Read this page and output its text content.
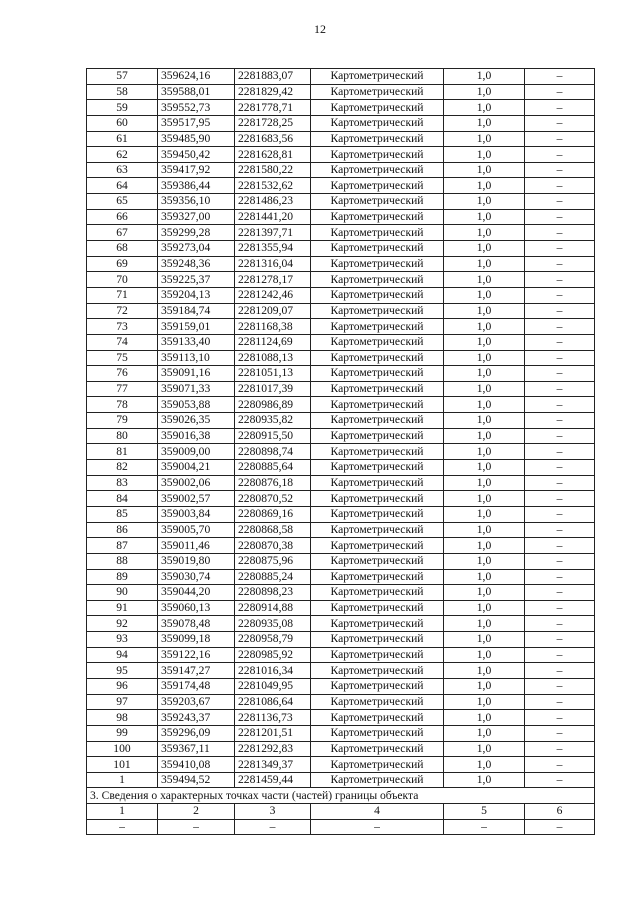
12
57	359624,16	2281883,07	Картометрический	1,0	–
58	359588,01	2281829,42	Картометрический	1,0	–
59	359552,73	2281778,71	Картометрический	1,0	–
60	359517,95	2281728,25	Картометрический	1,0	–
61	359485,90	2281683,56	Картометрический	1,0	–
62	359450,42	2281628,81	Картометрический	1,0	–
63	359417,92	2281580,22	Картометрический	1,0	–
64	359386,44	2281532,62	Картометрический	1,0	–
65	359356,10	2281486,23	Картометрический	1,0	–
66	359327,00	2281441,20	Картометрический	1,0	–
67	359299,28	2281397,71	Картометрический	1,0	–
68	359273,04	2281355,94	Картометрический	1,0	–
69	359248,36	2281316,04	Картометрический	1,0	–
70	359225,37	2281278,17	Картометрический	1,0	–
71	359204,13	2281242,46	Картометрический	1,0	–
72	359184,74	2281209,07	Картометрический	1,0	–
73	359159,01	2281168,38	Картометрический	1,0	–
74	359133,40	2281124,69	Картометрический	1,0	–
75	359113,10	2281088,13	Картометрический	1,0	–
76	359091,16	2281051,13	Картометрический	1,0	–
77	359071,33	2281017,39	Картометрический	1,0	–
78	359053,88	2280986,89	Картометрический	1,0	–
79	359026,35	2280935,82	Картометрический	1,0	–
80	359016,38	2280915,50	Картометрический	1,0	–
81	359009,00	2280898,74	Картометрический	1,0	–
82	359004,21	2280885,64	Картометрический	1,0	–
83	359002,06	2280876,18	Картометрический	1,0	–
84	359002,57	2280870,52	Картометрический	1,0	–
85	359003,84	2280869,16	Картометрический	1,0	–
86	359005,70	2280868,58	Картометрический	1,0	–
87	359011,46	2280870,38	Картометрический	1,0	–
88	359019,80	2280875,96	Картометрический	1,0	–
89	359030,74	2280885,24	Картометрический	1,0	–
90	359044,20	2280898,23	Картометрический	1,0	–
91	359060,13	2280914,88	Картометрический	1,0	–
92	359078,48	2280935,08	Картометрический	1,0	–
93	359099,18	2280958,79	Картометрический	1,0	–
94	359122,16	2280985,92	Картометрический	1,0	–
95	359147,27	2281016,34	Картометрический	1,0	–
96	359174,48	2281049,95	Картометрический	1,0	–
97	359203,67	2281086,64	Картометрический	1,0	–
98	359243,37	2281136,73	Картометрический	1,0	–
99	359296,09	2281201,51	Картометрический	1,0	–
100	359367,11	2281292,83	Картометрический	1,0	–
101	359410,08	2281349,37	Картометрический	1,0	–
1	359494,52	2281459,44	Картометрический	1,0	–
3. Сведения о характерных точках части (частей) границы объекта					
1	2	3	4	5	6
–	–	–	–	–	–
